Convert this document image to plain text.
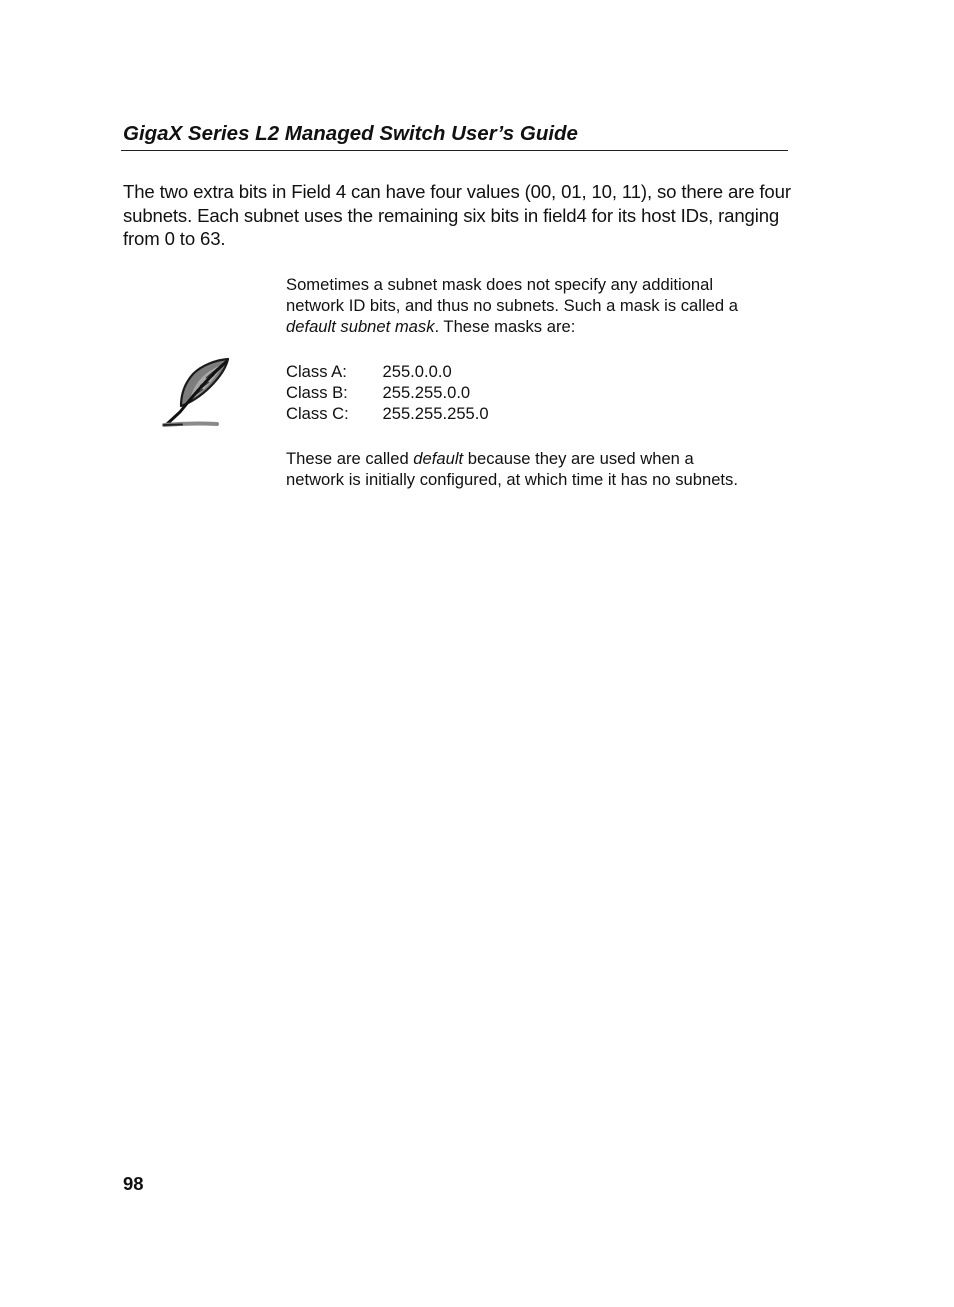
GigaX Series L2 Managed Switch User’s Guide

The two extra bits in Field 4 can have four values (00, 01, 10, 11), so there are four subnets. Each subnet uses the remaining six bits in field4 for its host IDs, ranging from 0 to 63.

Sometimes a subnet mask does not specify any additional network ID bits, and thus no subnets. Such a mask is called a default subnet mask. These masks are:

Class A:	255.0.0.0
Class B:	255.255.0.0
Class C:	255.255.255.0

These are called default because they are used when a network is initially configured, at which time it has no subnets.

98
